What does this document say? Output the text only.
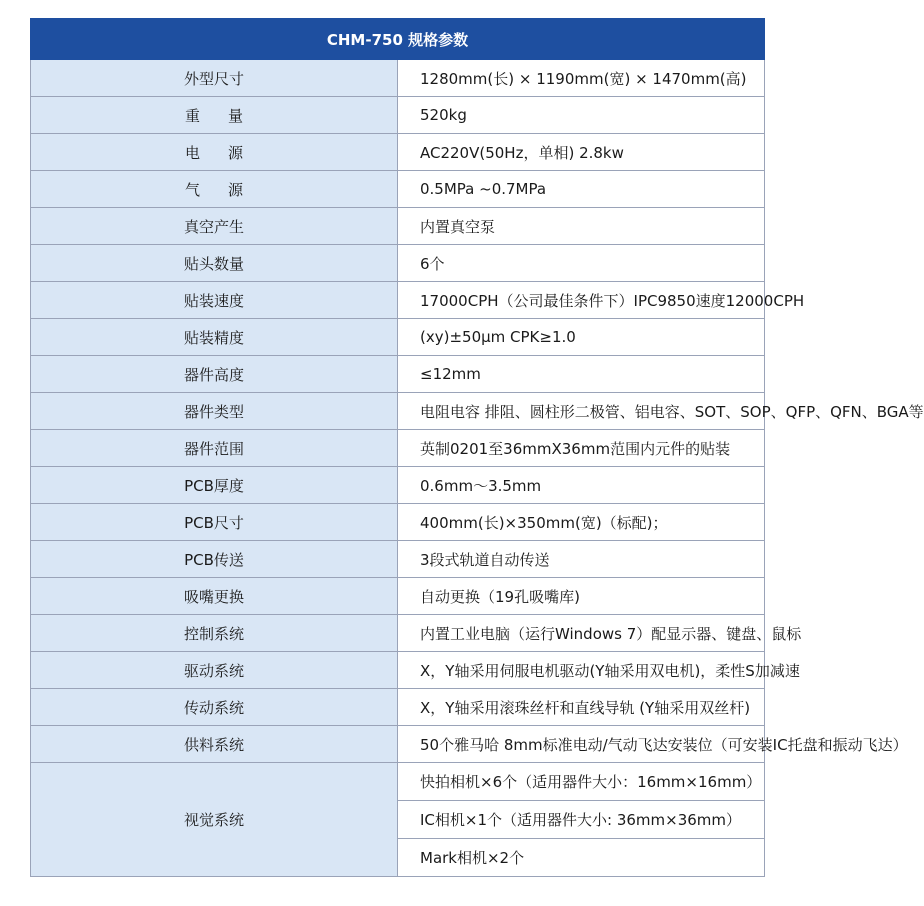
CHM-750 规格参数	
外型尺寸	1280mm(长) × 1190mm(宽) × 1470mm(高)
重量	520kg
电源	AC220V(50Hz，单相) 2.8kw
气源	0.5MPa ~0.7MPa
真空产生	内置真空泵
贴头数量	6个
贴装速度	17000CPH（公司最佳条件下）IPC9850速度12000CPH
贴装精度	(xy)±50μm CPK≥1.0
器件高度	≤12mm
器件类型	电阻电容 排阻、圆柱形二极管、铝电容、SOT、SOP、QFP、QFN、BGA等
器件范围	英制0201至36mmX36mm范围内元件的贴装
PCB厚度	0.6mm～3.5mm
PCB尺寸	400mm(长)×350mm(宽)（标配)；
PCB传送	3段式轨道自动传送
吸嘴更换	自动更换（19孔吸嘴库)
控制系统	内置工业电脑（运行Windows 7）配显示器、键盘、鼠标
驱动系统	X，Y轴采用伺服电机驱动(Y轴采用双电机)，柔性S加减速
传动系统	X，Y轴采用滚珠丝杆和直线导轨 (Y轴采用双丝杆)
供料系统	50个雅马哈 8mm标准电动/气动飞达安装位（可安装IC托盘和振动飞达）
视觉系统	快拍相机×6个（适用器件大小：16mm×16mm）
	IC相机×1个（适用器件大小: 36mm×36mm）
	Mark相机×2个
